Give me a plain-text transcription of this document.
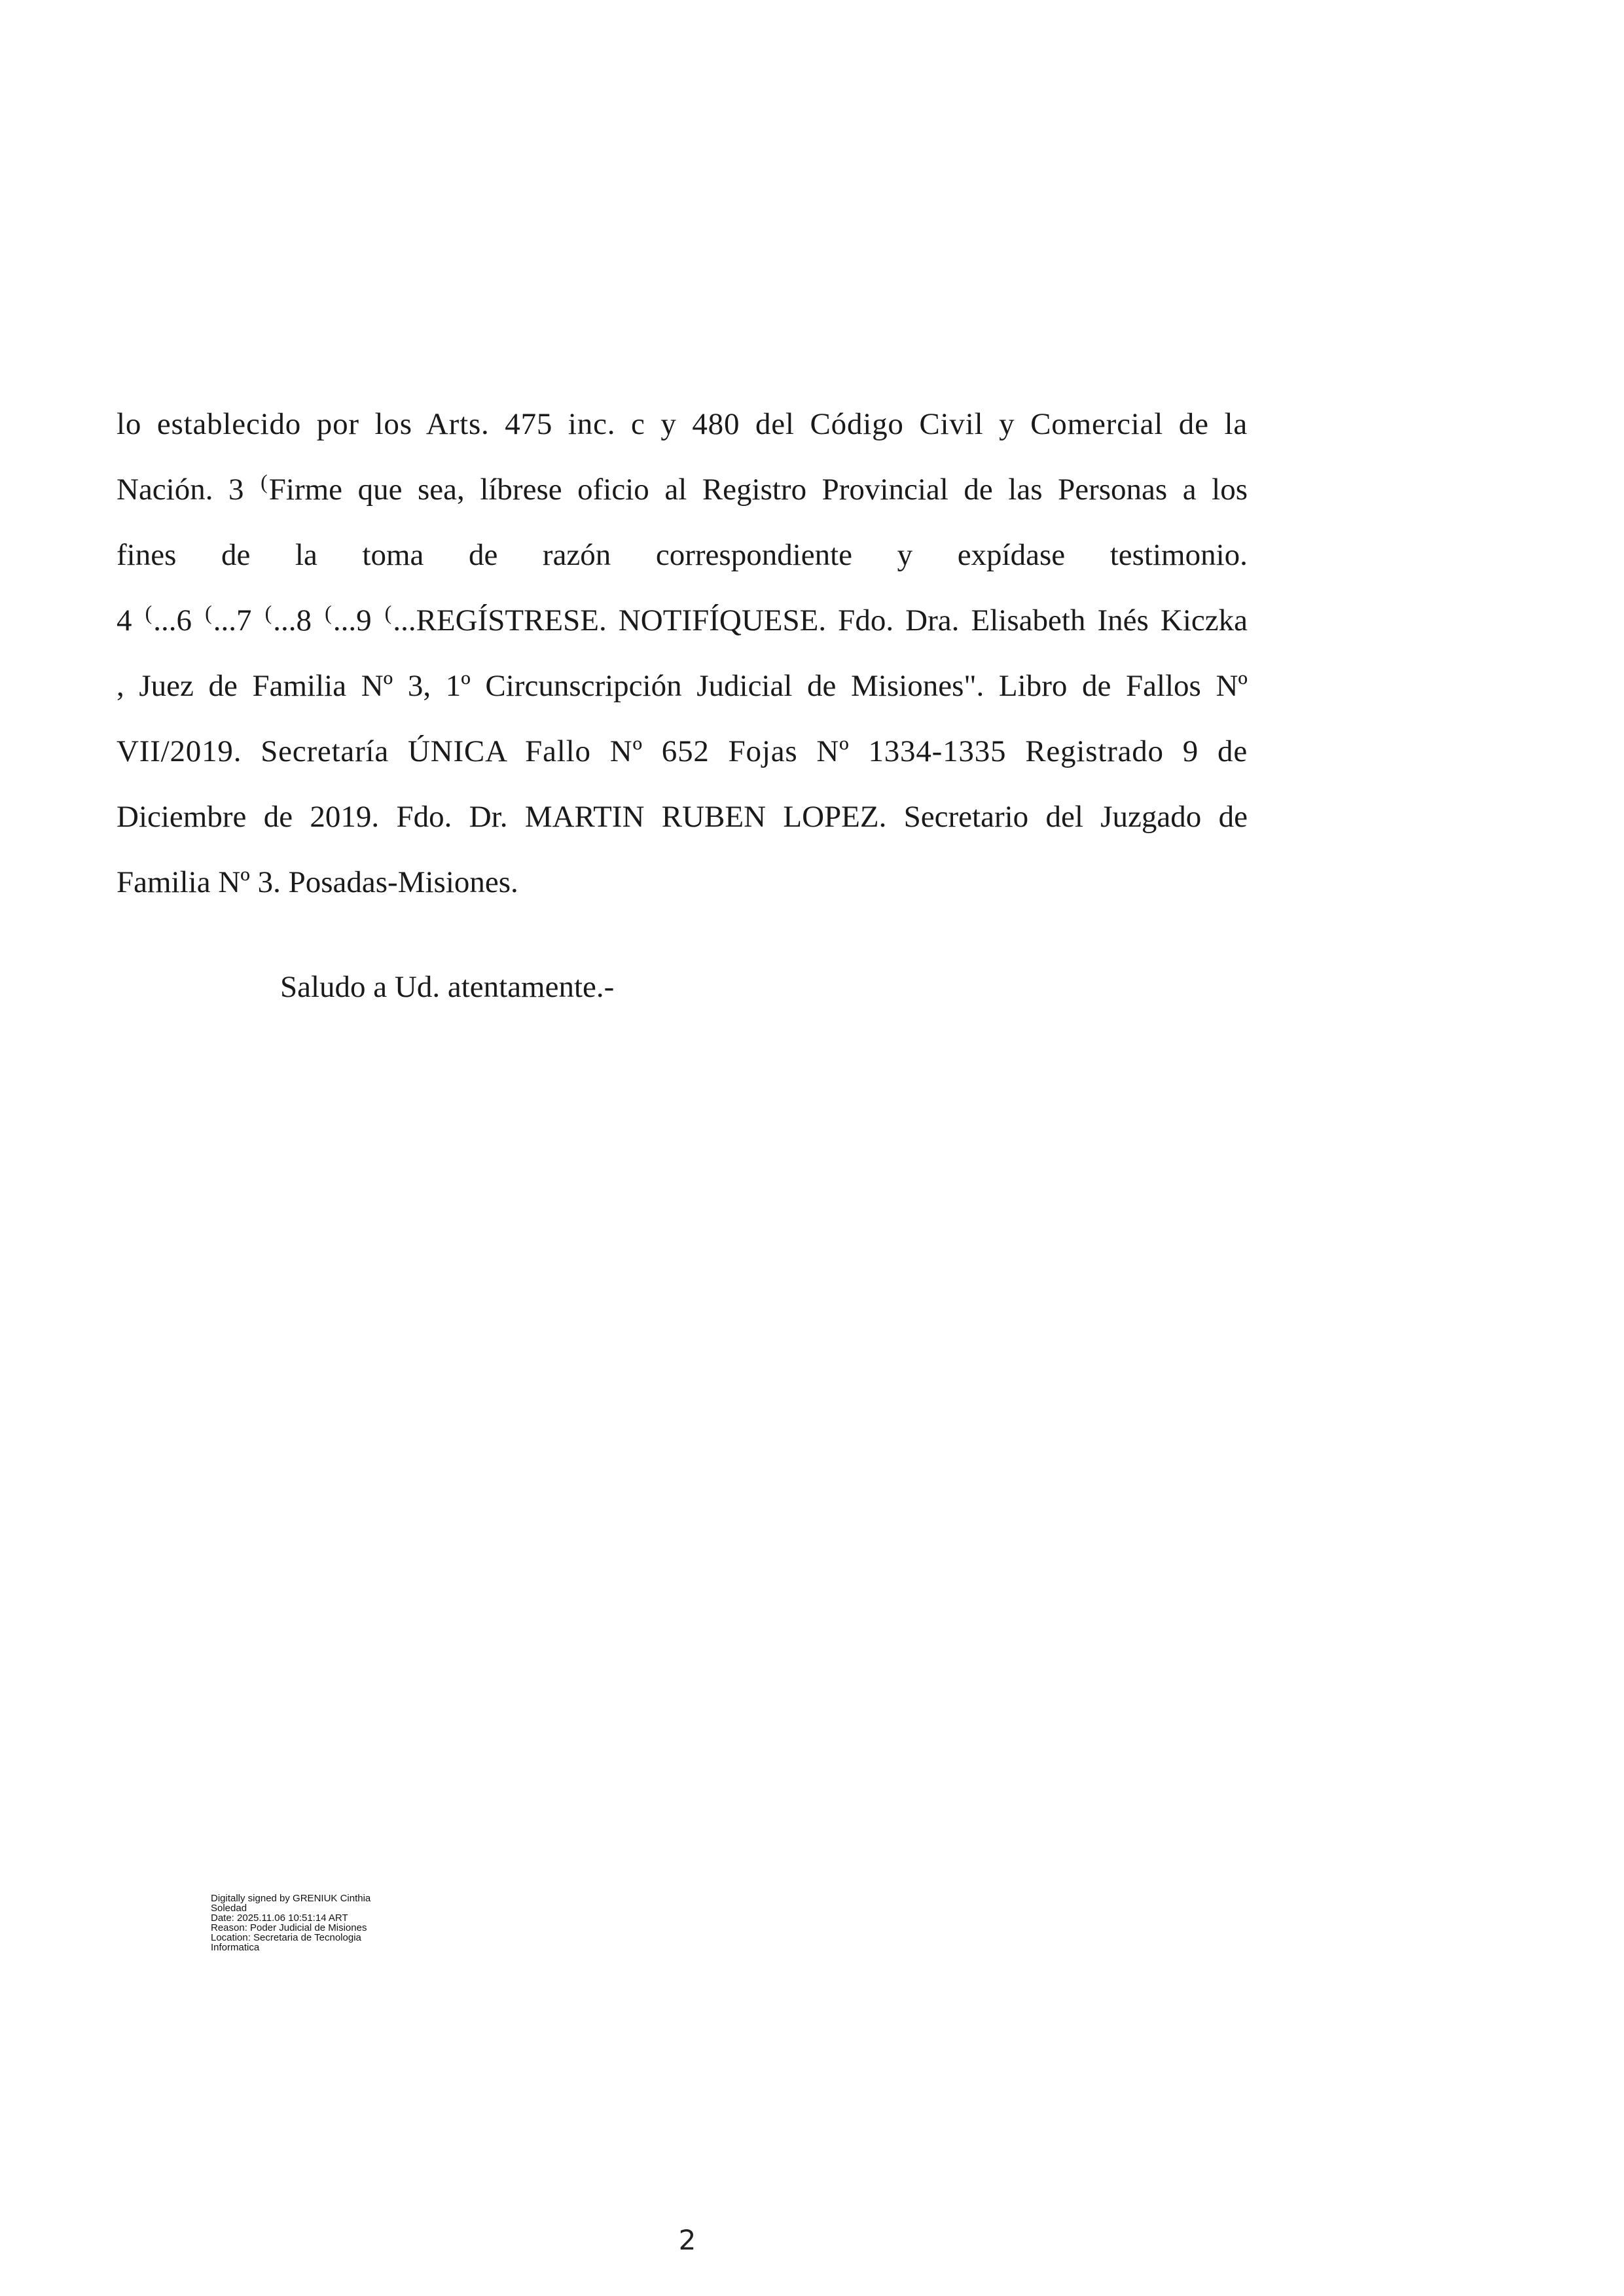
lo establecido por los Arts. 475 inc. c y 480 del Código Civil y Comercial de la
Nación. 3 (Firme que sea, líbrese oficio al Registro Provincial de las Personas a los
fines de la toma de razón correspondiente y expídase testimonio.
4 (...6 (...7 (...8 (...9 (...REGÍSTRESE. NOTIFÍQUESE. Fdo. Dra. Elisabeth Inés Kiczka
, Juez de Familia Nº 3, 1º Circunscripción Judicial de Misiones". Libro de Fallos Nº
VII/2019. Secretaría ÚNICA Fallo Nº 652 Fojas Nº 1334-1335 Registrado 9 de
Diciembre de 2019. Fdo. Dr. MARTIN RUBEN LOPEZ. Secretario del Juzgado de
Familia Nº 3. Posadas-Misiones.

Saludo a Ud. atentamente.-

Digitally signed by GRENIUK Cinthia
Soledad
Date: 2025.11.06 10:51:14 ART
Reason: Poder Judicial de Misiones
Location: Secretaria de Tecnologia
Informatica
2
